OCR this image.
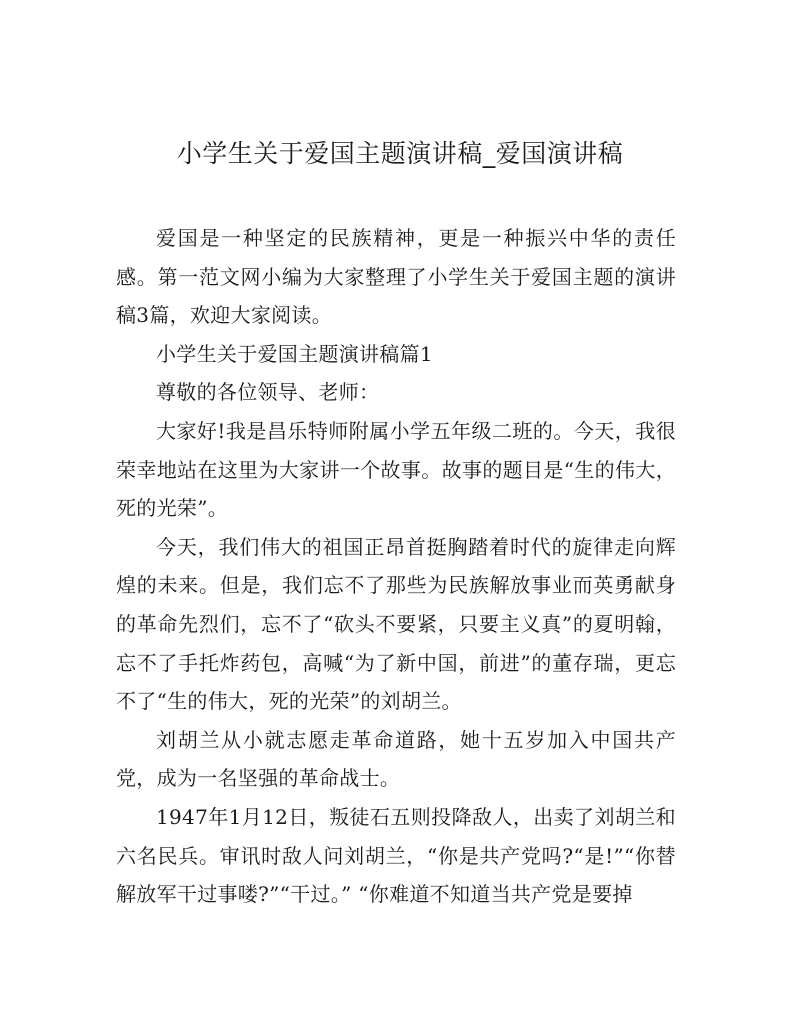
小学生关于爱国主题演讲稿_爱国演讲稿

爱国是一种坚定的民族精神，更是一种振兴中华的责任感。第一范文网小编为大家整理了小学生关于爱国主题的演讲稿3篇，欢迎大家阅读。

小学生关于爱国主题演讲稿篇1

尊敬的各位领导、老师：

大家好!我是昌乐特师附属小学五年级二班的。今天，我很荣幸地站在这里为大家讲一个故事。故事的题目是“生的伟大，死的光荣”。

今天，我们伟大的祖国正昂首挺胸踏着时代的旋律走向辉煌的未来。但是，我们忘不了那些为民族解放事业而英勇献身的革命先烈们，忘不了“砍头不要紧，只要主义真”的夏明翰，忘不了手托炸药包，高喊“为了新中国，前进”的董存瑞，更忘不了“生的伟大，死的光荣”的刘胡兰。

刘胡兰从小就志愿走革命道路，她十五岁加入中国共产党，成为一名坚强的革命战士。

1947年1月12日，叛徒石五则投降敌人，出卖了刘胡兰和六名民兵。审讯时敌人问刘胡兰，“你是共产党吗?“是!”“你替解放军干过事喽?”“干过。” “你难道不知道当共产党是要掉
